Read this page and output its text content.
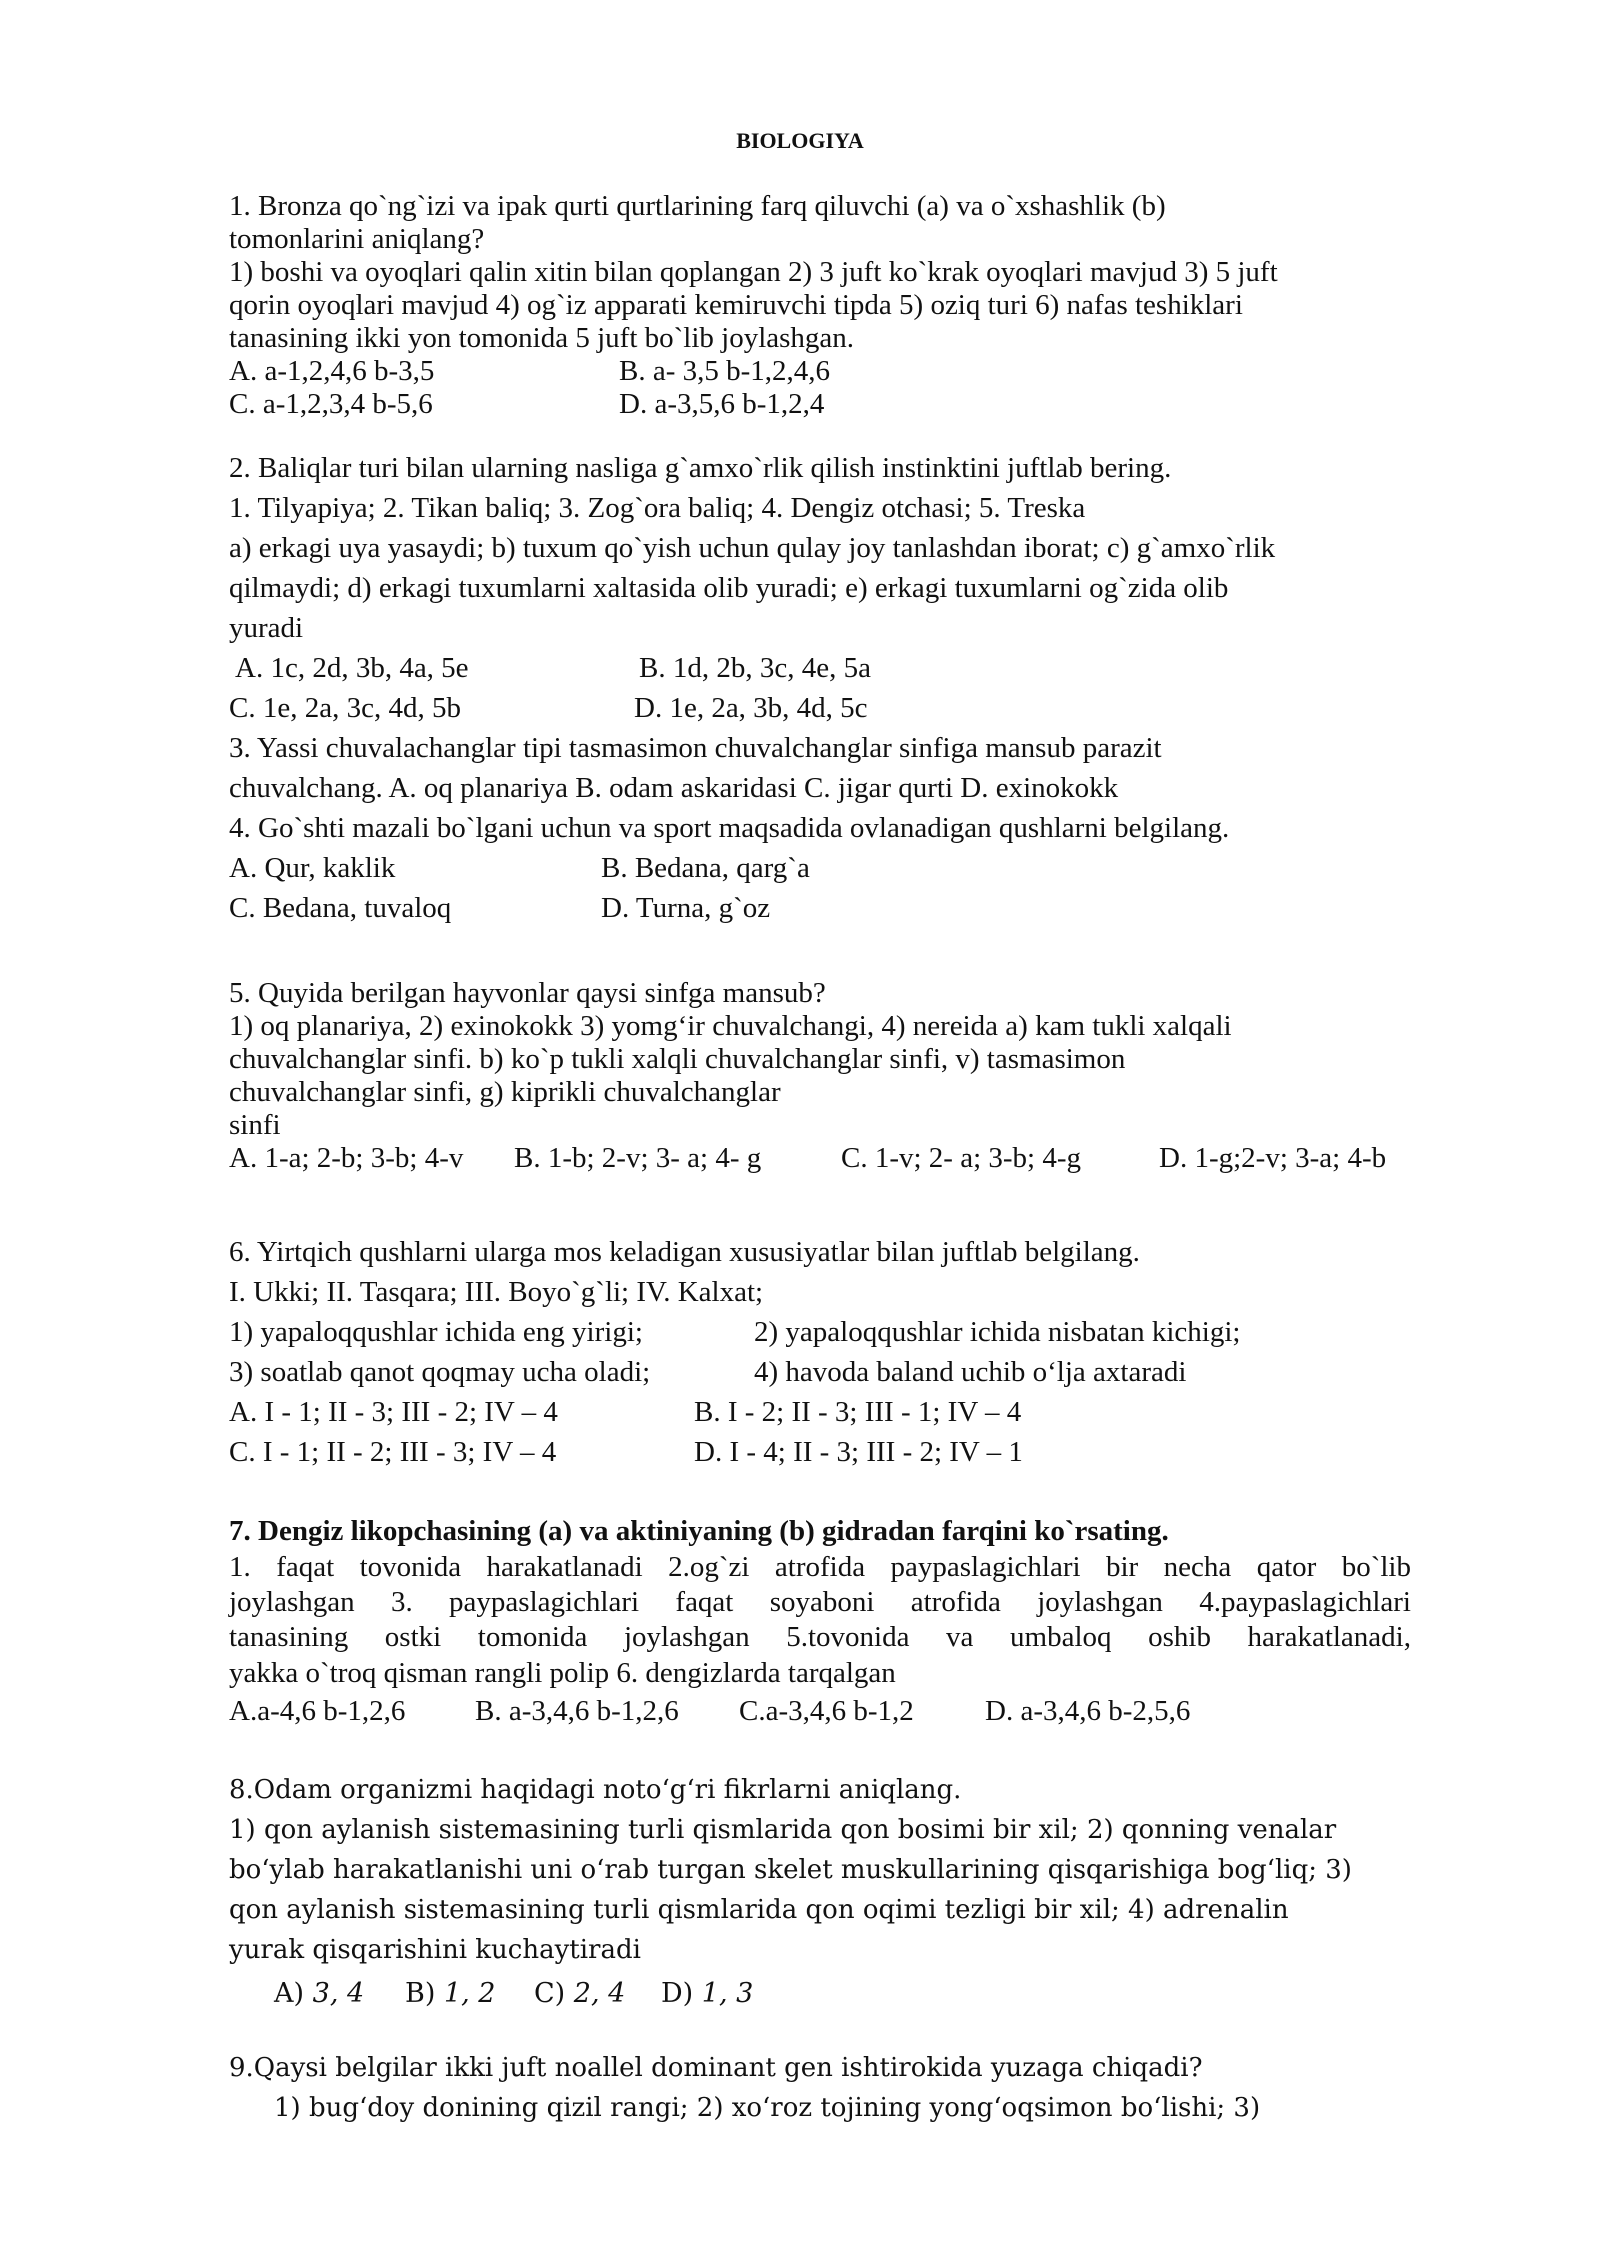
BIOLOGIYA
1. Bronza qo`ng`izi va ipak qurti qurtlarining farq qiluvchi (a) va o`xshashlik (b)
tomonlarini aniqlang?
1) boshi va oyoqlari qalin xitin bilan qoplangan 2) 3 juft ko`krak oyoqlari mavjud 3) 5 juft
qorin oyoqlari mavjud 4) og`iz apparati kemiruvchi tipda 5) oziq turi 6) nafas teshiklari
tanasining ikki yon tomonida 5 juft bo`lib joylashgan.
A. a-1,2,4,6 b-3,5	B. a- 3,5 b-1,2,4,6
C. a-1,2,3,4 b-5,6	D. a-3,5,6 b-1,2,4
2. Baliqlar turi bilan ularning nasliga g`amxo`rlik qilish instinktini juftlab bering.
1. Tilyapiya; 2. Tikan baliq; 3. Zog`ora baliq; 4. Dengiz otchasi; 5. Treska
a) erkagi uya yasaydi; b) tuxum qo`yish uchun qulay joy tanlashdan iborat; c) g`amxo`rlik
qilmaydi; d) erkagi tuxumlarni xaltasida olib yuradi; e) erkagi tuxumlarni og`zida olib
yuradi
A. 1c, 2d, 3b, 4a, 5e	B. 1d, 2b, 3c, 4e, 5a
C. 1e, 2a, 3c, 4d, 5b	D. 1e, 2a, 3b, 4d, 5c
3. Yassi chuvalachanglar tipi tasmasimon chuvalchanglar sinfiga mansub parazit
chuvalchang. A. oq planariya B. odam askaridasi C. jigar qurti D. exinokokk
4. Go`shti mazali bo`lgani uchun va sport maqsadida ovlanadigan qushlarni belgilang.
A. Qur, kaklik	B. Bedana, qarg`a
C. Bedana, tuvaloq	D. Turna, g`oz
5. Quyida berilgan hayvonlar qaysi sinfga mansub?
1) oq planariya, 2) exinokokk 3) yomg‘ir chuvalchangi, 4) nereida a) kam tukli xalqali
chuvalchanglar sinfi. b) ko`p tukli xalqli chuvalchanglar sinfi, v) tasmasimon
chuvalchanglar sinfi, g) kiprikli chuvalchanglar
sinfi
A. 1-a; 2-b; 3-b; 4-v B. 1-b; 2-v; 3- a; 4- g	C. 1-v; 2- a; 3-b; 4-g	D. 1-g;2-v; 3-a; 4-b
6. Yirtqich qushlarni ularga mos keladigan xususiyatlar bilan juftlab belgilang.
I. Ukki; II. Tasqara; III. Boyo`g`li; IV. Kalxat;
1) yapaloqqushlar ichida eng yirigi;	2) yapaloqqushlar ichida nisbatan kichigi;
3) soatlab qanot qoqmay ucha oladi;	4) havoda baland uchib o‘lja axtaradi
A. I - 1; II - 3; III - 2; IV – 4	B. I - 2; II - 3; III - 1; IV – 4
C. I - 1; II - 2; III - 3; IV – 4	D. I - 4; II - 3; III - 2; IV – 1
7. Dengiz likopchasining (a) va aktiniyaning (b) gidradan farqini ko`rsating.
1. faqat tovonida harakatlanadi 2.og`zi atrofida paypaslagichlari bir necha qator bo`lib
joylashgan 3. paypaslagichlari faqat soyaboni atrofida joylashgan 4.paypaslagichlari
tanasining ostki tomonida joylashgan 5.tovonida va umbaloq oshib harakatlanadi,
yakka o`troq qisman rangli polip 6. dengizlarda tarqalgan
A.a-4,6 b-1,2,6 B. a-3,4,6 b-1,2,6 C.a-3,4,6 b-1,2 D. a-3,4,6 b-2,5,6
8.Odam organizmi haqidagi noto‘g‘ri fikrlarni aniqlang.
1) qon aylanish sistemasining turli qismlarida qon bosimi bir xil; 2) qonning venalar
bo‘ylab harakatlanishi uni o‘rab turgan skelet muskullarining qisqarishiga bog‘liq; 3)
qon aylanish sistemasining turli qismlarida qon oqimi tezligi bir xil; 4) adrenalin
yurak qisqarishini kuchaytiradi
A) 3, 4 B) 1, 2 C) 2, 4 D) 1, 3
9.Qaysi belgilar ikki juft noallel dominant gen ishtirokida yuzaga chiqadi?
1) bug‘doy donining qizil rangi; 2) xo‘roz tojining yong‘oqsimon bo‘lishi; 3)
